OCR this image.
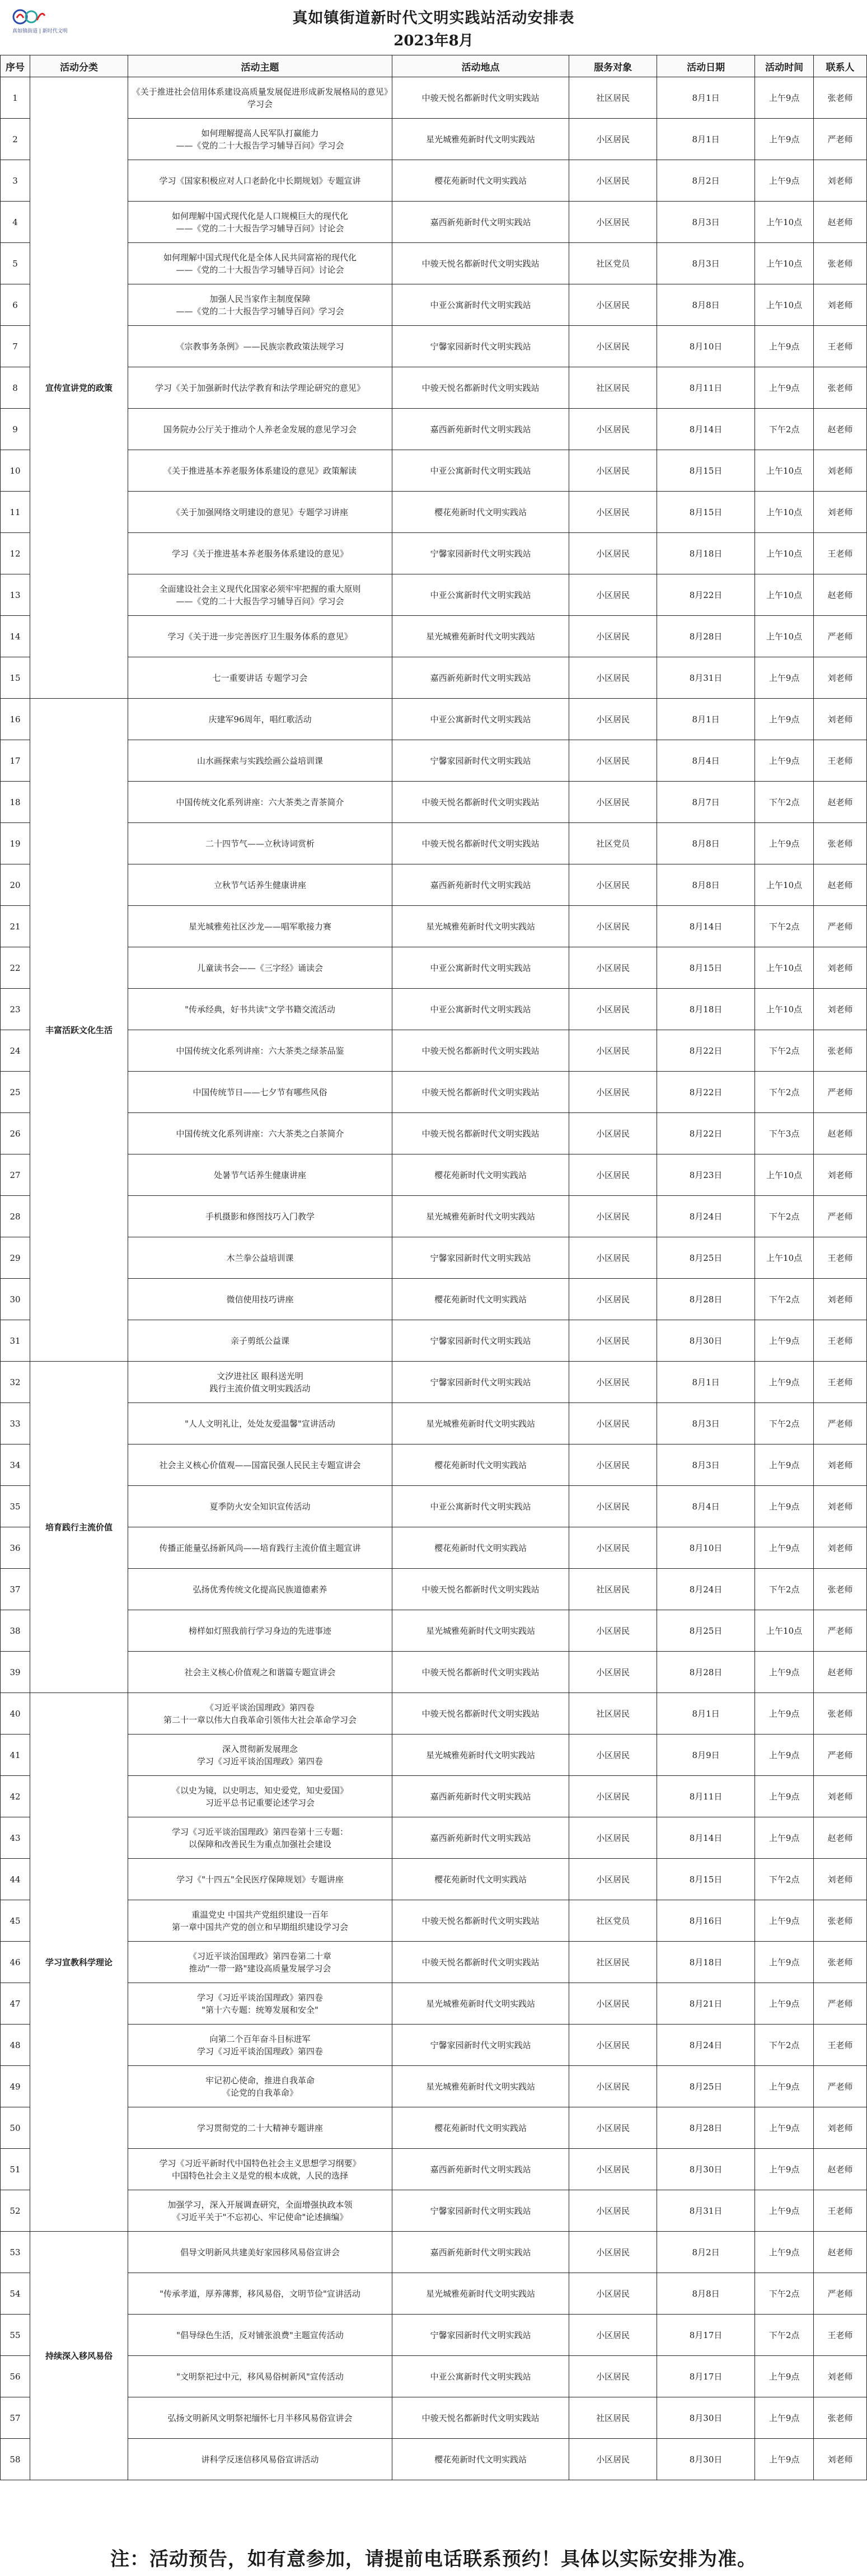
真如镇街道 | 新时代文明
真如镇街道新时代文明实践站活动安排表
2023年8月
序号	活动分类	活动主题	活动地点	服务对象	活动日期	活动时间	联系人
1	宣传宣讲党的政策	《关于推进社会信用体系建设高质量发展促进形成新发展格局的意见》学习会	中骏天悦名都新时代文明实践站	社区居民	8月1日	上午9点	张老师
2		如何理解提高人民军队打赢能力
——《党的二十大报告学习辅导百问》学习会	星光城雅苑新时代文明实践站	小区居民	8月1日	上午9点	严老师
3		学习《国家积极应对人口老龄化中长期规划》专题宣讲	樱花苑新时代文明实践站	小区居民	8月2日	上午9点	刘老师
4		如何理解中国式现代化是人口规模巨大的现代化
——《党的二十大报告学习辅导百问》讨论会	嘉西新苑新时代文明实践站	小区居民	8月3日	上午10点	赵老师
5		如何理解中国式现代化是全体人民共同富裕的现代化
——《党的二十大报告学习辅导百问》讨论会	中骏天悦名都新时代文明实践站	社区党员	8月3日	上午10点	张老师
6		加强人民当家作主制度保障
——《党的二十大报告学习辅导百问》学习会	中亚公寓新时代文明实践站	小区居民	8月8日	上午10点	刘老师
7		《宗教事务条例》——民族宗教政策法规学习	宁馨家园新时代文明实践站	小区居民	8月10日	上午9点	王老师
8		学习《关于加强新时代法学教育和法学理论研究的意见》	中骏天悦名都新时代文明实践站	社区居民	8月11日	上午9点	张老师
9		国务院办公厅关于推动个人养老金发展的意见学习会	嘉西新苑新时代文明实践站	小区居民	8月14日	下午2点	赵老师
10		《关于推进基本养老服务体系建设的意见》政策解读	中亚公寓新时代文明实践站	小区居民	8月15日	上午10点	刘老师
11		《关于加强网络文明建设的意见》专题学习讲座	樱花苑新时代文明实践站	小区居民	8月15日	上午10点	刘老师
12		学习《关于推进基本养老服务体系建设的意见》	宁馨家园新时代文明实践站	小区居民	8月18日	上午10点	王老师
13		全面建设社会主义现代化国家必须牢牢把握的重大原则
——《党的二十大报告学习辅导百问》学习会	中亚公寓新时代文明实践站	小区居民	8月22日	上午10点	赵老师
14		学习《关于进一步完善医疗卫生服务体系的意见》	星光城雅苑新时代文明实践站	小区居民	8月28日	上午10点	严老师
15		七一重要讲话 专题学习会	嘉西新苑新时代文明实践站	小区居民	8月31日	上午9点	刘老师
16	丰富活跃文化生活	庆建军96周年，唱红歌活动	中亚公寓新时代文明实践站	小区居民	8月1日	上午9点	刘老师
17		山水画探索与实践绘画公益培训课	宁馨家园新时代文明实践站	小区居民	8月4日	上午9点	王老师
18		中国传统文化系列讲座：六大茶类之青茶简介	中骏天悦名都新时代文明实践站	小区居民	8月7日	下午2点	赵老师
19		二十四节气——立秋诗词赏析	中骏天悦名都新时代文明实践站	社区党员	8月8日	上午9点	张老师
20		立秋节气话养生健康讲座	嘉西新苑新时代文明实践站	小区居民	8月8日	上午10点	赵老师
21		星光城雅苑社区沙龙——唱军歌接力赛	星光城雅苑新时代文明实践站	小区居民	8月14日	下午2点	严老师
22		儿童读书会——《三字经》诵读会	中亚公寓新时代文明实践站	小区居民	8月15日	上午10点	刘老师
23		"传承经典，好书共读"文学书籍交流活动	中亚公寓新时代文明实践站	小区居民	8月18日	上午10点	刘老师
24		中国传统文化系列讲座：六大茶类之绿茶品鉴	中骏天悦名都新时代文明实践站	小区居民	8月22日	下午2点	张老师
25		中国传统节日——七夕节有哪些风俗	中骏天悦名都新时代文明实践站	小区居民	8月22日	下午2点	严老师
26		中国传统文化系列讲座：六大茶类之白茶简介	中骏天悦名都新时代文明实践站	小区居民	8月22日	下午3点	赵老师
27		处暑节气话养生健康讲座	樱花苑新时代文明实践站	小区居民	8月23日	上午10点	刘老师
28		手机摄影和修图技巧入门教学	星光城雅苑新时代文明实践站	小区居民	8月24日	下午2点	严老师
29		木兰拳公益培训课	宁馨家园新时代文明实践站	小区居民	8月25日	上午10点	王老师
30		微信使用技巧讲座	樱花苑新时代文明实践站	小区居民	8月28日	下午2点	刘老师
31		亲子剪纸公益课	宁馨家园新时代文明实践站	小区居民	8月30日	上午9点	王老师
32	培育践行主流价值	文汐进社区 眼科送光明
践行主流价值文明实践活动	宁馨家园新时代文明实践站	小区居民	8月1日	上午9点	王老师
33		"人人文明礼让，处处友爱温馨"宣讲活动	星光城雅苑新时代文明实践站	小区居民	8月3日	下午2点	严老师
34		社会主义核心价值观——国富民强人民民主专题宣讲会	樱花苑新时代文明实践站	小区居民	8月3日	上午9点	刘老师
35		夏季防火安全知识宣传活动	中亚公寓新时代文明实践站	小区居民	8月4日	上午9点	刘老师
36		传播正能量弘扬新风尚——培育践行主流价值主题宣讲	樱花苑新时代文明实践站	小区居民	8月10日	上午9点	刘老师
37		弘扬优秀传统文化提高民族道德素养	中骏天悦名都新时代文明实践站	社区居民	8月24日	下午2点	张老师
38		榜样如灯照我前行学习身边的先进事迹	星光城雅苑新时代文明实践站	小区居民	8月25日	上午10点	严老师
39		社会主义核心价值观之和谐篇专题宣讲会	中骏天悦名都新时代文明实践站	小区居民	8月28日	上午9点	赵老师
40	学习宣教科学理论	《习近平谈治国理政》第四卷
第二十一章以伟大自我革命引领伟大社会革命学习会	中骏天悦名都新时代文明实践站	社区居民	8月1日	上午9点	张老师
41		深入贯彻新发展理念
学习《习近平谈治国理政》第四卷	星光城雅苑新时代文明实践站	小区居民	8月9日	上午9点	严老师
42		《以史为镜，以史明志，知史爱党，知史爱国》
习近平总书记重要论述学习会	嘉西新苑新时代文明实践站	小区居民	8月11日	上午9点	刘老师
43		学习《习近平谈治国理政》第四卷第十三专题：
以保障和改善民生为重点加强社会建设	嘉西新苑新时代文明实践站	小区居民	8月14日	上午9点	赵老师
44		学习《"十四五"全民医疗保障规划》专题讲座	樱花苑新时代文明实践站	小区居民	8月15日	下午2点	刘老师
45		重温党史 中国共产党组织建设一百年
第一章中国共产党的创立和早期组织建设学习会	中骏天悦名都新时代文明实践站	社区党员	8月16日	上午9点	张老师
46		《习近平谈治国理政》第四卷第二十章
推动"一带一路"建设高质量发展学习会	中骏天悦名都新时代文明实践站	社区居民	8月18日	上午9点	张老师
47		学习《习近平谈治国理政》第四卷
"第十六专题：统筹发展和安全"	星光城雅苑新时代文明实践站	小区居民	8月21日	上午9点	严老师
48		向第二个百年奋斗目标进军
学习《习近平谈治国理政》第四卷	宁馨家园新时代文明实践站	小区居民	8月24日	下午2点	王老师
49		牢记初心使命，推进自我革命
《论党的自我革命》	星光城雅苑新时代文明实践站	小区居民	8月25日	上午9点	严老师
50		学习贯彻党的二十大精神专题讲座	樱花苑新时代文明实践站	小区居民	8月28日	上午9点	刘老师
51		学习《习近平新时代中国特色社会主义思想学习纲要》
中国特色社会主义是党的根本成就，人民的选择	嘉西新苑新时代文明实践站	小区居民	8月30日	上午9点	赵老师
52		加强学习，深入开展调查研究，全面增强执政本领
《习近平关于"不忘初心、牢记使命"论述摘编》	宁馨家园新时代文明实践站	小区居民	8月31日	上午9点	王老师
53	持续深入移风易俗	倡导文明新风共建美好家园移风易俗宣讲会	嘉西新苑新时代文明实践站	小区居民	8月2日	上午9点	赵老师
54		"传承孝道，厚养薄葬，移风易俗，文明节俭"宣讲活动	星光城雅苑新时代文明实践站	小区居民	8月8日	下午2点	严老师
55		"倡导绿色生活，反对铺张浪费"主题宣传活动	宁馨家园新时代文明实践站	小区居民	8月17日	下午2点	王老师
56		"文明祭祀过中元，移风易俗树新风"宣传活动	中亚公寓新时代文明实践站	小区居民	8月17日	上午9点	刘老师
57		弘扬文明新风文明祭祀缅怀七月半移风易俗宣讲会	中骏天悦名都新时代文明实践站	社区居民	8月30日	上午9点	张老师
58		讲科学反迷信移风易俗宣讲活动	樱花苑新时代文明实践站	小区居民	8月30日	上午9点	刘老师
注：活动预告，如有意参加，请提前电话联系预约！具体以实际安排为准。
